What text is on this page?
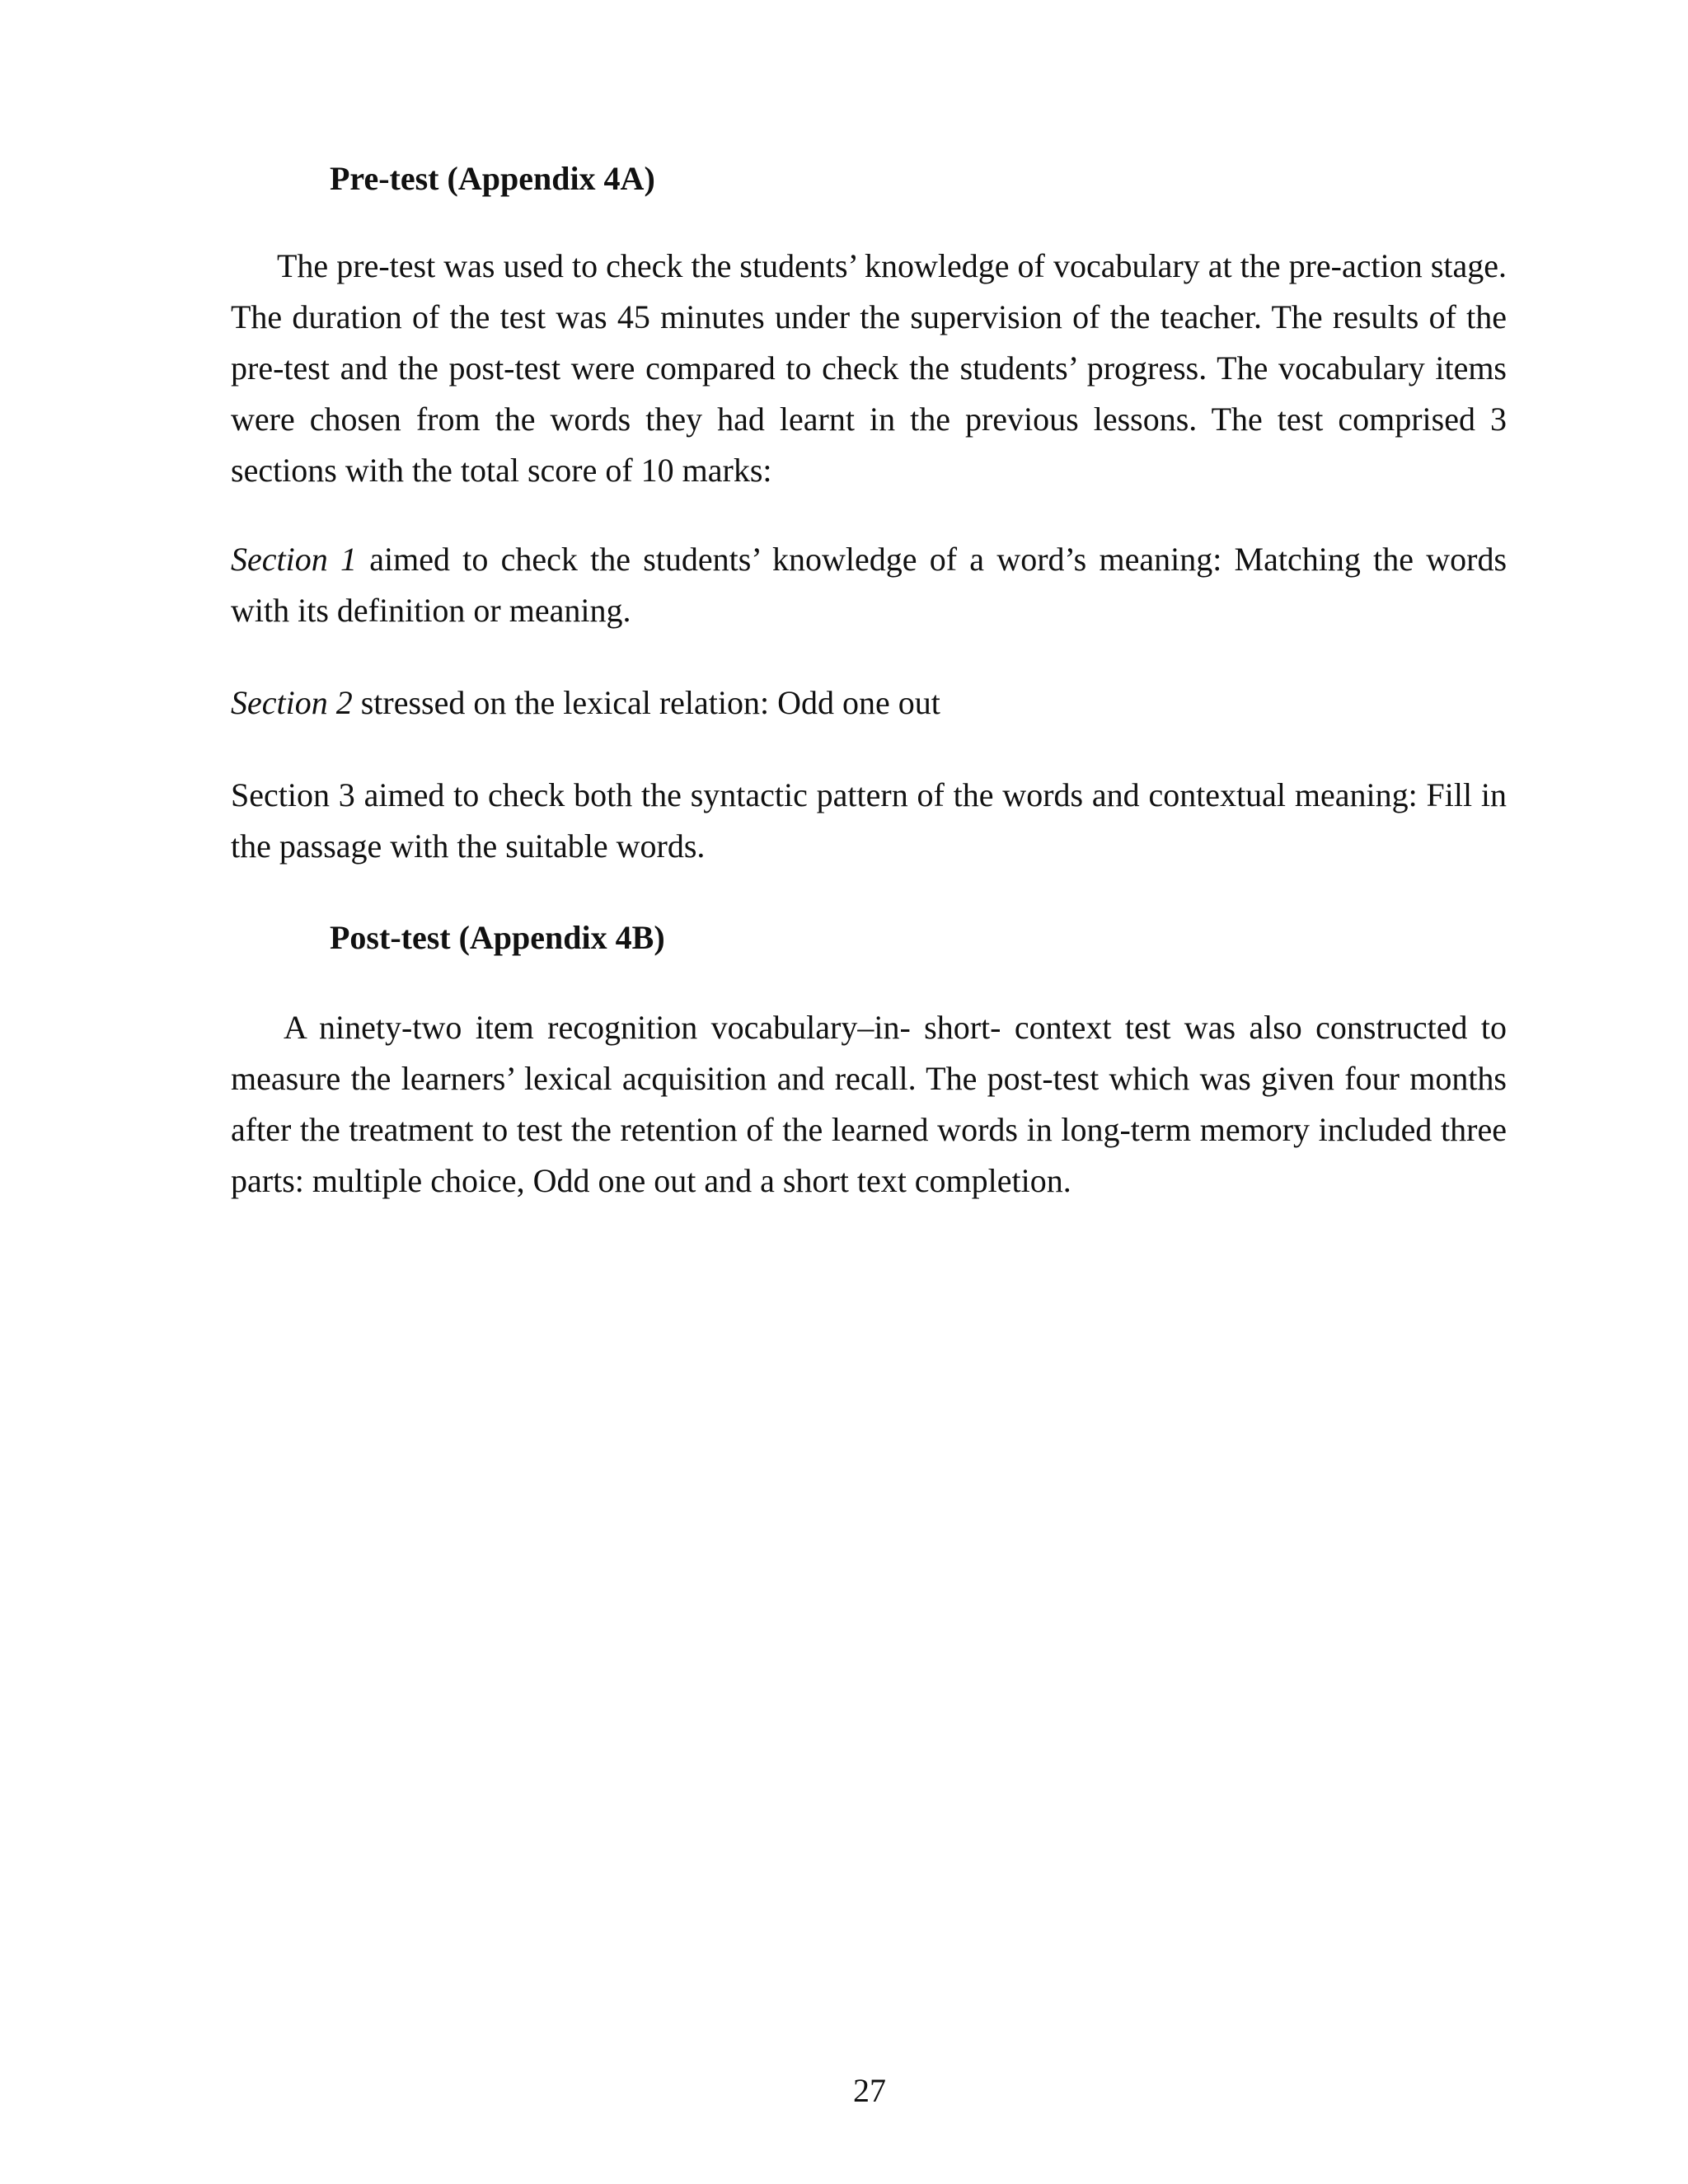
Pre-test (Appendix 4A)
The pre-test was used to check the students’ knowledge of vocabulary at the pre-action stage. The duration of the test was 45 minutes under the supervision of the teacher. The results of the pre-test and the post-test were compared to check the students’ progress. The vocabulary items were chosen from the words they had learnt in the previous lessons. The test comprised 3 sections with the total score of 10 marks:
Section 1 aimed to check the students’ knowledge of a word’s meaning: Matching the words with its definition or meaning.
Section 2 stressed on the lexical relation: Odd one out
Section 3 aimed to check both the syntactic pattern of the words and contextual meaning: Fill in the passage with the suitable words.
Post-test (Appendix 4B)
A ninety-two item recognition vocabulary–in- short- context test was also constructed to measure the learners’ lexical acquisition and recall. The post-test which was given four months after the treatment to test the retention of the learned words in long-term memory included three parts: multiple choice, Odd one out and a short text completion.
27
